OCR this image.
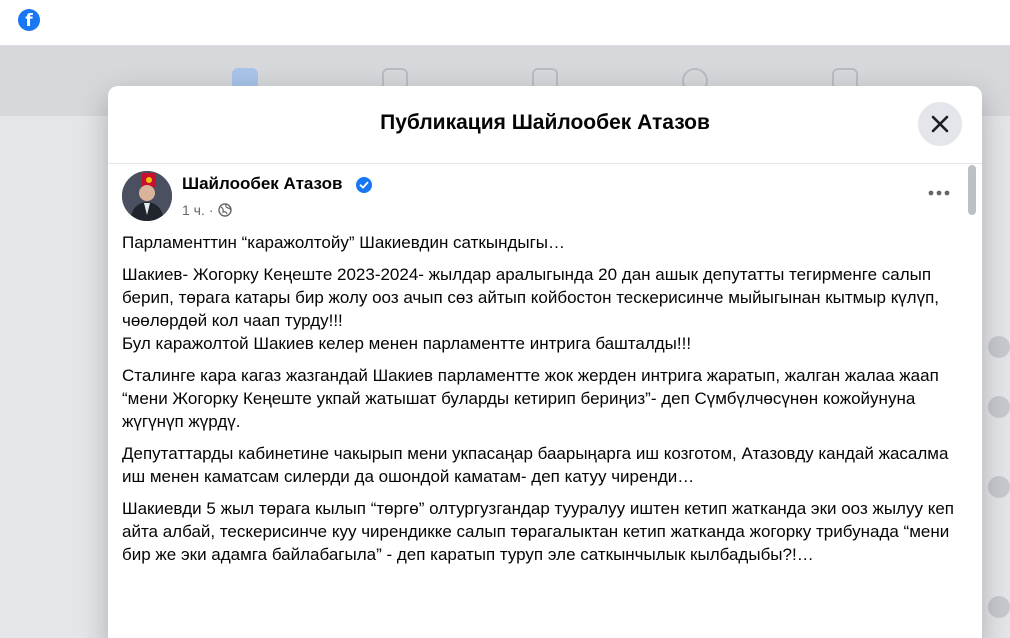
f
Публикация Шайлообек Атазов
Шайлообек Атазов
1 ч. ·

Парламенттин “каражолтойу” Шакиевдин саткындыгы…

Шакиев- Жогорку Кеңеште 2023-2024- жылдар аралыгында 20 дан ашык депутатты тегирменге салып берип, төрага катары бир жолу ооз ачып сөз айтып койбостон тескерисинче мыйыгынан кытмыр күлүп, чөөлөрдөй кол чаап турду!!!
Бул каражолтой Шакиев келер менен парламентте интрига башталды!!!

Сталинге кара кагаз жазгандай Шакиев парламентте жок жерден интрига жаратып, жалган жалаа жаап “мени Жогорку Кеңеште укпай жатышат буларды кетирип бериңиз”- деп Сүмбүлчөсүнөн кожойунуна жүгүнүп жүрдү.

Депутаттарды кабинетине чакырып мени укпасаңар баарыңарга иш козготом, Атазовду кандай жасалма иш менен каматсам силерди да ошондой каматам- деп катуу чиренди…

Шакиевди 5 жыл төрага кылып “төргө” олтургузгандар тууралуу иштен кетип жатканда эки ооз жылуу кеп айта албай, тескерисинче куу чирендикке салып төрагалыктан кетип жатканда жогорку трибунада “мени бир же эки адамга байлабагыла” - деп каратып туруп эле саткынчылык кылбадыбы?!…
